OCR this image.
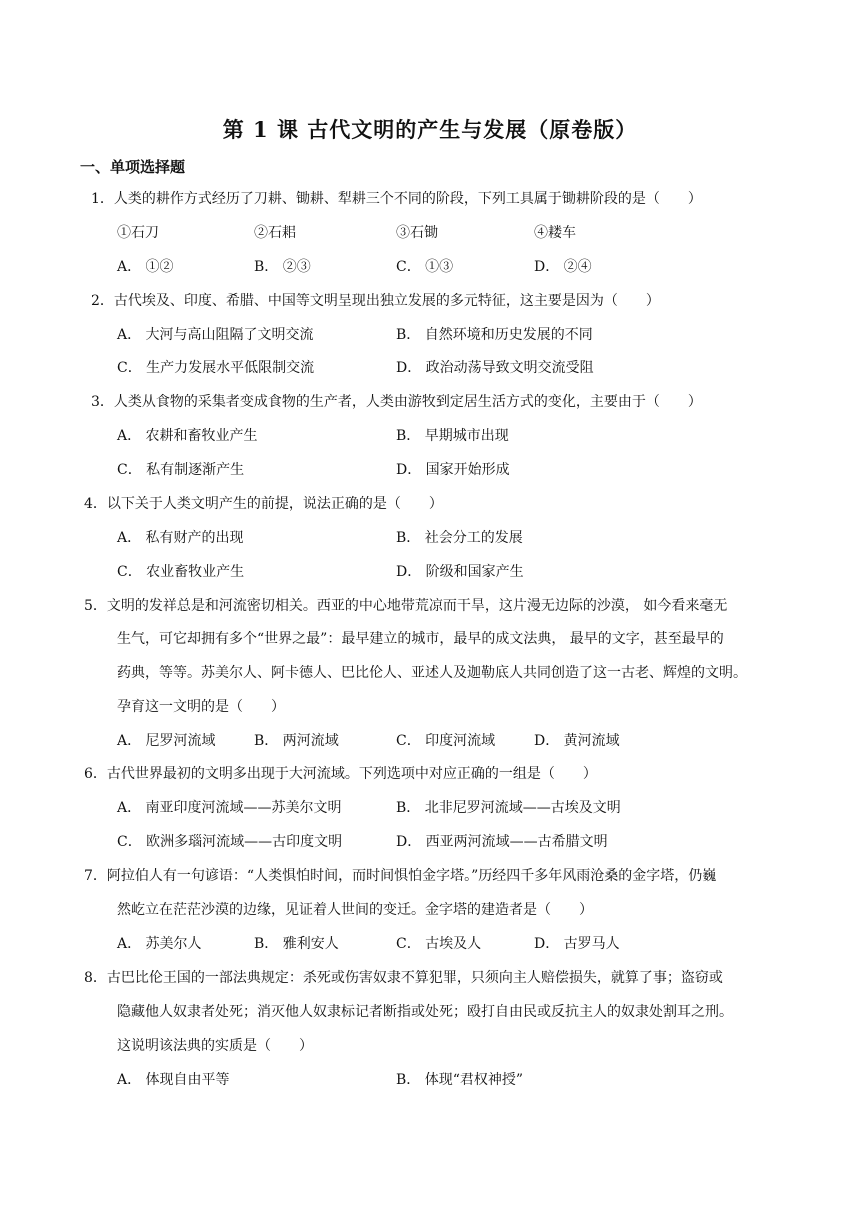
第 1 课 古代文明的产生与发展（原卷版）
一、单项选择题
1．人类的耕作方式经历了刀耕、锄耕、犁耕三个不同的阶段，下列工具属于锄耕阶段的是（　　）
①石刀	②石耜	③石锄	④耧车
A． ①②	B． ②③	C． ①③	D． ②④
2．古代埃及、印度、希腊、中国等文明呈现出独立发展的多元特征，这主要是因为（　　）
A． 大河与高山阻隔了文明交流	B． 自然环境和历史发展的不同
C． 生产力发展水平低限制交流	D． 政治动荡导致文明交流受阻
3．人类从食物的采集者变成食物的生产者，人类由游牧到定居生活方式的变化，主要由于（　　）
A． 农耕和畜牧业产生	B． 早期城市出现
C． 私有制逐渐产生	D． 国家开始形成
4．以下关于人类文明产生的前提，说法正确的是（　　）
A． 私有财产的出现	B． 社会分工的发展
C． 农业畜牧业产生	D． 阶级和国家产生
5．文明的发祥总是和河流密切相关。西亚的中心地带荒凉而干旱，这片漫无边际的沙漠， 如今看来毫无
生气，可它却拥有多个“世界之最”：最早建立的城市，最早的成文法典， 最早的文字，甚至最早的
药典，等等。苏美尔人、阿卡德人、巴比伦人、亚述人及迦勒底人共同创造了这一古老、辉煌的文明。
孕育这一文明的是（　　）
A． 尼罗河流域	B． 两河流域	C． 印度河流域	D． 黄河流域
6．古代世界最初的文明多出现于大河流域。下列选项中对应正确的一组是（　　）
A． 南亚印度河流域——苏美尔文明	B． 北非尼罗河流域——古埃及文明
C． 欧洲多瑙河流域——古印度文明	D． 西亚两河流域——古希腊文明
7．阿拉伯人有一句谚语：“人类惧怕时间，而时间惧怕金字塔。”历经四千多年风雨沧桑的金字塔，仍巍
然屹立在茫茫沙漠的边缘，见证着人世间的变迁。金字塔的建造者是（　　）
A． 苏美尔人	B． 雅利安人	C． 古埃及人	D． 古罗马人
8．古巴比伦王国的一部法典规定：杀死或伤害奴隶不算犯罪，只须向主人赔偿损失，就算了事；盗窃或
隐藏他人奴隶者处死；消灭他人奴隶标记者断指或处死；殴打自由民或反抗主人的奴隶处割耳之刑。
这说明该法典的实质是（　　）
A． 体现自由平等	B． 体现“君权神授”
